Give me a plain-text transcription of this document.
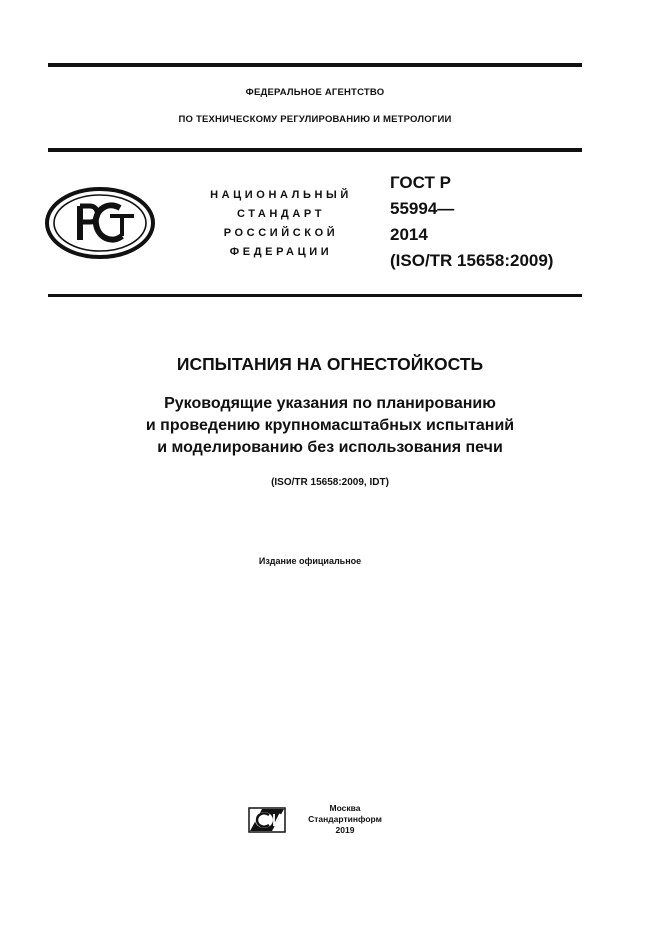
ФЕДЕРАЛЬНОЕ АГЕНТСТВО
ПО ТЕХНИЧЕСКОМУ РЕГУЛИРОВАНИЮ И МЕТРОЛОГИИ
НАЦИОНАЛЬНЫЙ
СТАНДАРТ
РОССИЙСКОЙ
ФЕДЕРАЦИИ
ГОСТ Р
55994—
2014
(ISO/TR 15658:2009)
ИСПЫТАНИЯ НА ОГНЕСТОЙКОСТЬ
Руководящие указания по планированию
и проведению крупномасштабных испытаний
и моделированию без использования печи
(ISO/TR 15658:2009, IDT)
Издание официальное
Москва
Стандартинформ
2019
